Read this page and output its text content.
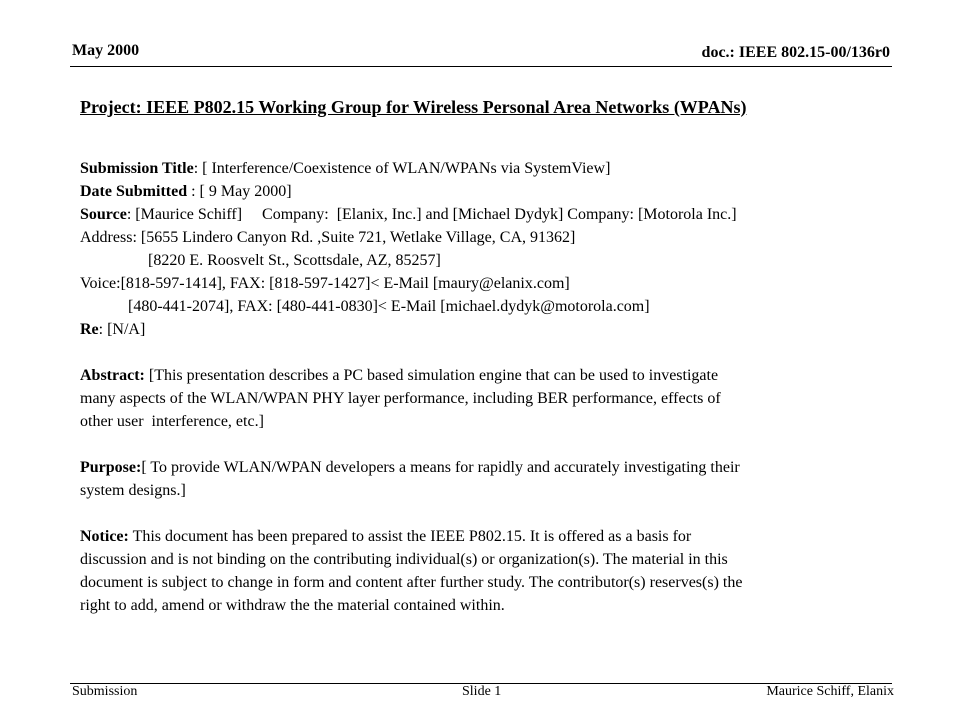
May 2000	doc.: IEEE 802.15-00/136r0
Project: IEEE P802.15 Working Group for Wireless Personal Area Networks (WPANs)
Submission Title: [ Interference/Coexistence of WLAN/WPANs via SystemView]
Date Submitted : [ 9 May 2000]
Source: [Maurice Schiff]     Company:  [Elanix, Inc.] and [Michael Dydyk] Company: [Motorola Inc.]
Address: [5655 Lindero Canyon Rd. ,Suite 721, Wetlake Village, CA, 91362]
[8220 E. Roosvelt St., Scottsdale, AZ, 85257]
Voice:[818-597-1414], FAX: [818-597-1427]< E-Mail [maury@elanix.com]
[480-441-2074], FAX: [480-441-0830]< E-Mail [michael.dydyk@motorola.com]
Re: [N/A]
Abstract: [This presentation describes a PC based simulation engine that can be used to investigate
many aspects of the WLAN/WPAN PHY layer performance, including BER performance, effects of
other user  interference, etc.]
Purpose:[ To provide WLAN/WPAN developers a means for rapidly and accurately investigating their
system designs.]
Notice: This document has been prepared to assist the IEEE P802.15. It is offered as a basis for
discussion and is not binding on the contributing individual(s) or organization(s). The material in this
document is subject to change in form and content after further study. The contributor(s) reserves(s) the
right to add, amend or withdraw the the material contained within.
Submission	Slide 1	Maurice Schiff, Elanix
